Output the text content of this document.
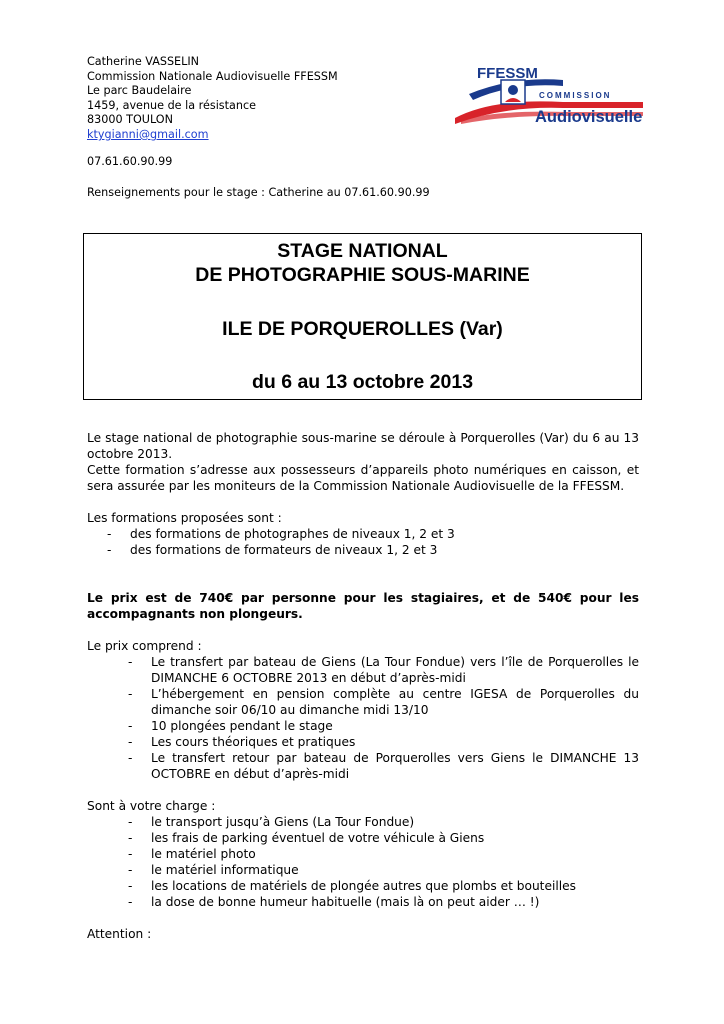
Catherine VASSELIN
Commission Nationale Audiovisuelle FFESSM
Le parc Baudelaire
1459, avenue de la résistance
83000 TOULON
ktygianni@gmail.com
07.61.60.90.99
Renseignements pour le stage : Catherine au 07.61.60.90.99
FFESSM
COMMISSION
Audiovisuelle
STAGE NATIONAL
DE PHOTOGRAPHIE SOUS-MARINE
ILE DE PORQUEROLLES (Var)
du 6 au 13 octobre 2013
Le stage national de photographie sous-marine se déroule à Porquerolles (Var) du 6 au 13 octobre 2013.
Cette formation s’adresse aux possesseurs d’appareils photo numériques en caisson, et sera assurée par les moniteurs de la Commission Nationale Audiovisuelle de la FFESSM.
Les formations proposées sont :
- des formations de photographes de niveaux 1, 2 et 3
- des formations de formateurs de niveaux 1, 2 et 3
Le prix est de 740€ par personne pour les stagiaires, et de 540€ pour les accompagnants non plongeurs.
Le prix comprend :
- Le transfert par bateau de Giens (La Tour Fondue) vers l’île de Porquerolles le DIMANCHE 6 OCTOBRE 2013 en début d’après-midi
- L’hébergement en pension complète au centre IGESA de Porquerolles du dimanche soir 06/10 au dimanche midi 13/10
- 10 plongées pendant le stage
- Les cours théoriques et pratiques
- Le transfert retour par bateau de Porquerolles vers Giens le DIMANCHE 13 OCTOBRE en début d’après-midi
Sont à votre charge :
- le transport jusqu’à Giens (La Tour Fondue)
- les frais de parking éventuel de votre véhicule à Giens
- le matériel photo
- le matériel informatique
- les locations de matériels de plongée autres que plombs et bouteilles
- la dose de bonne humeur habituelle (mais là on peut aider … !)
Attention :
